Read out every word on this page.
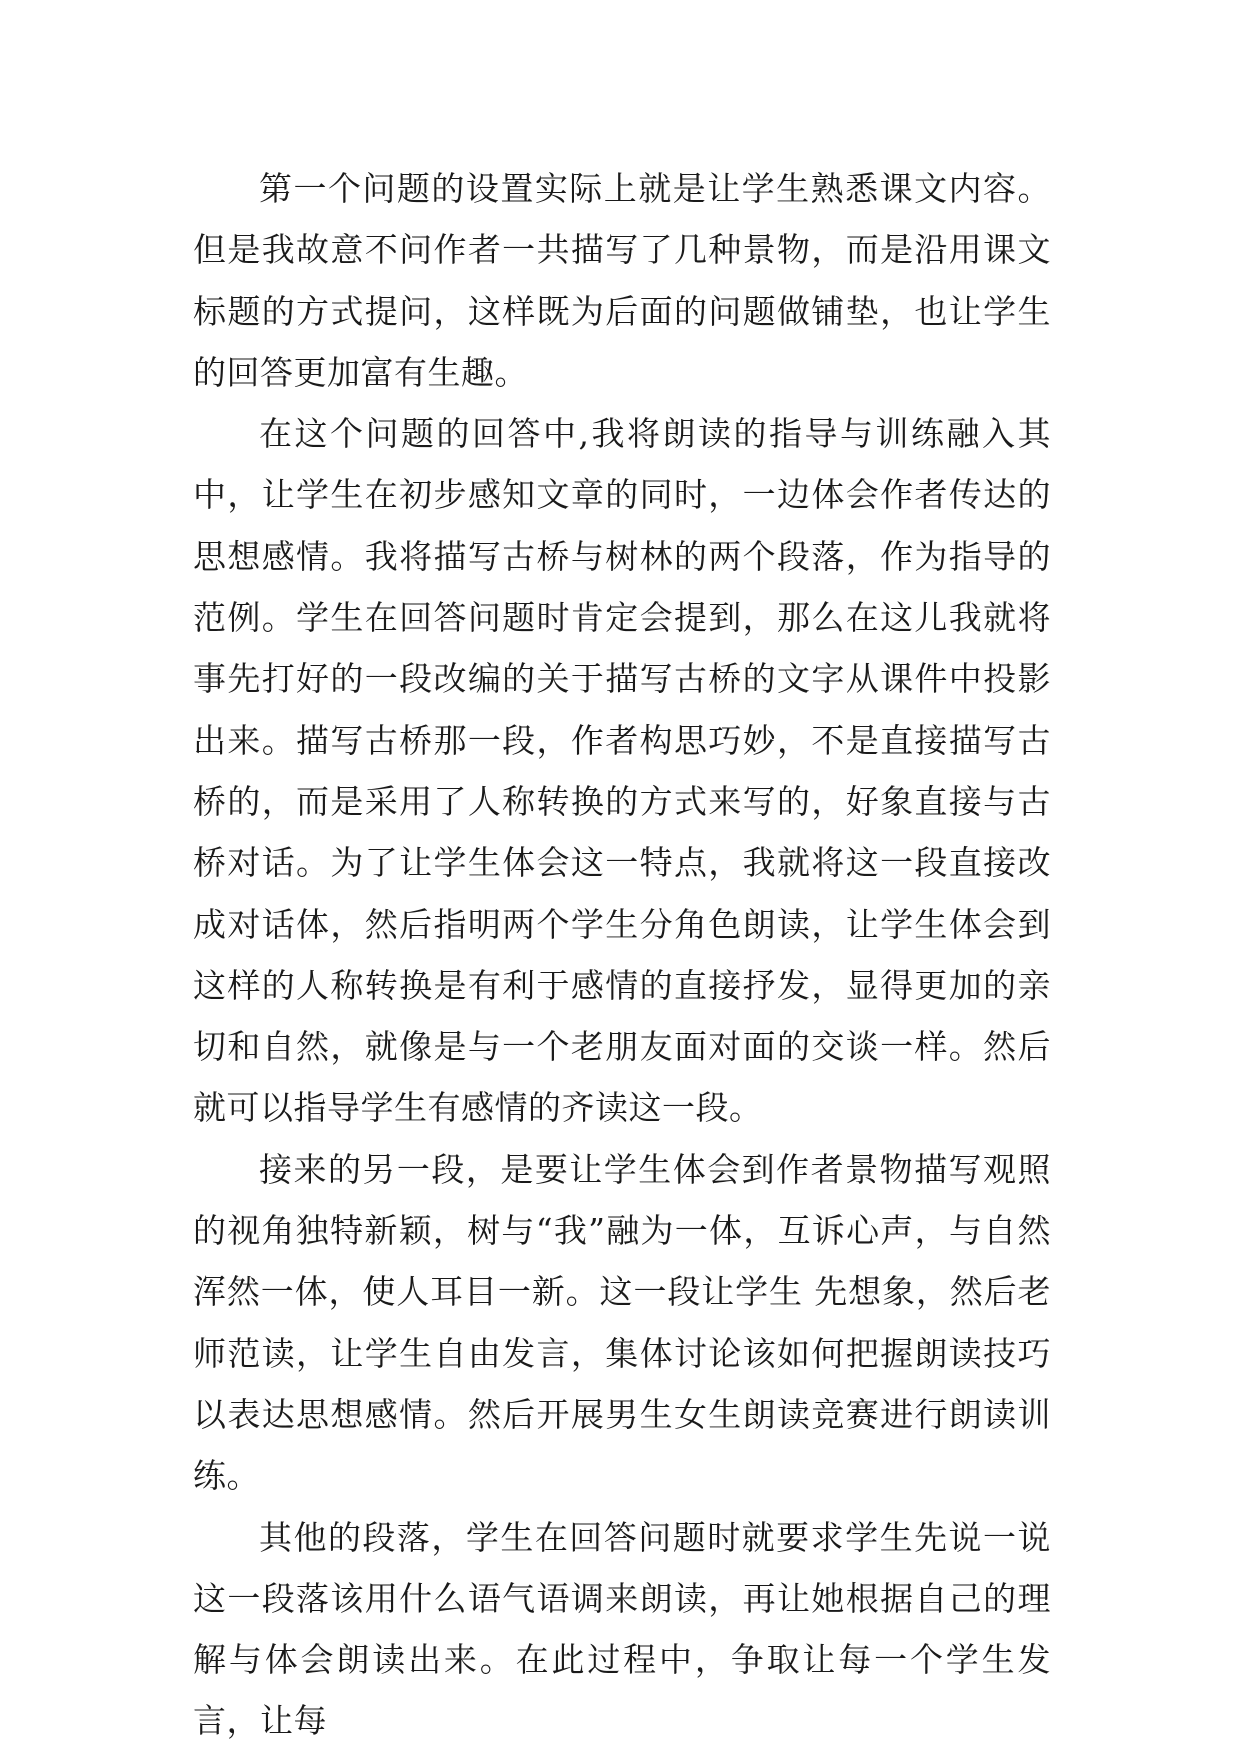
第一个问题的设置实际上就是让学生熟悉课文内容。但是我故意不问作者一共描写了几种景物，而是沿用课文标题的方式提问，这样既为后面的问题做铺垫，也让学生的回答更加富有生趣。

在这个问题的回答中,我将朗读的指导与训练融入其中，让学生在初步感知文章的同时，一边体会作者传达的思想感情。我将描写古桥与树林的两个段落，作为指导的范例。学生在回答问题时肯定会提到，那么在这儿我就将事先打好的一段改编的关于描写古桥的文字从课件中投影出来。描写古桥那一段，作者构思巧妙，不是直接描写古桥的，而是采用了人称转换的方式来写的，好象直接与古桥对话。为了让学生体会这一特点，我就将这一段直接改成对话体，然后指明两个学生分角色朗读，让学生体会到这样的人称转换是有利于感情的直接抒发，显得更加的亲切和自然，就像是与一个老朋友面对面的交谈一样。然后就可以指导学生有感情的齐读这一段。

接来的另一段，是要让学生体会到作者景物描写观照的视角独特新颖，树与“我”融为一体，互诉心声，与自然浑然一体，使人耳目一新。这一段让学生 先想象，然后老师范读，让学生自由发言，集体讨论该如何把握朗读技巧以表达思想感情。然后开展男生女生朗读竞赛进行朗读训练。

其他的段落，学生在回答问题时就要求学生先说一说这一段落该用什么语气语调来朗读，再让她根据自己的理解与体会朗读出来。在此过程中，争取让每一个学生发言，让每
